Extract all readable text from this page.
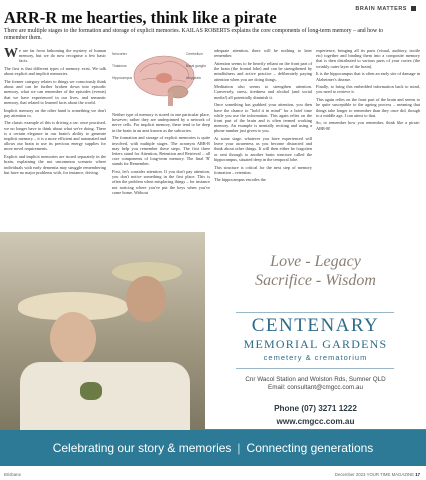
BRAIN MATTERS
ARR-R me hearties, think like a pirate
There are multiple stages to the formation and storage of explicit memories. KAILAS ROBERTS explains the core components of long-term memory – and how to remember them.

We are far from fathoming the mystery of human memory, but we do now recognise a few basic facts.

The first is that different types of memory exist. We talk about explicit and implicit memories.

The former category relates to things we consciously think about and can be further broken down into episodic memory, what we can remember of the episodes (events) that we have experienced in our lives, and semantic memory, that related to learned facts about the world.

Implicit memory on the other hand is something we don't pay attention to.

The classic example of this is driving a car: once practised, we no longer have to think about what we're doing. There is a certain elegance in our brain's ability to generate implicit memory – it is a more efficient and automated and allows our brain to use its precious energy supplies for more novel requirements.

Explicit and implicit memories are stored separately in the brain, explaining the not uncommon scenario where individuals with early dementia may struggle remembering but have no major problems with, for instance, driving.

Neocortex
Thalamus
Hippocampus
Cerebellum
Basal ganglia
Amygdala

Neither type of memory is stored in one particular place, however; rather they are underpinned by a network of nerve cells. For implicit memory, these tend to be deep in the brain in an area known as the subcortex.

The formation and storage of explicit memories is quite involved, with multiple stages. The acronym ARR-R may help you remember these steps. The first three letters stand for Attention, Retention and Retrieval – all core components of long-term memory. The final 'R' stands for Remember.

First, let's consider attention. If you don't pay attention, you don't notice something in the first place. This is often the problem when misplacing things – for instance not noticing where you've put the keys when you've come home. Without

adequate attention, there will be nothing to later remember.

Attention seems to be heavily reliant on the front part of the brain (the frontal lobe) and can be strengthened by mindfulness and active practice – deliberately paying attention when you are doing things.

Meditation also seems to strengthen attention. Conversely, stress, tiredness and alcohol (and social media!) all potentially diminish it.

Once something has grabbed your attention, you then have the chance to "hold it in mind" for a brief time while you use the information. This again relies on the front part of the brain and is often termed working memory. An example is mentally reciting and using a phone number just given to you.

At some stage, whatever you have experienced will leave your awareness as you become distracted and think about other things. It will then either be forgotten or sent through to another brain structure called the hippocampus, situated deep in the temporal lobe.

This structure is critical for the next step of memory formation – retention.

The hippocampus encodes the

experience, bringing all its parts (visual, auditory, tactile etc) together and binding them into a composite memory that is then distributed to various parts of your cortex (the wrinkly outer layer of the brain).

It is the hippocampus that is often an early site of damage in Alzheimer's disease.

Finally, to bring this embedded information back to mind, you need to retrieve it.

This again relies on the front part of the brain and seems to be quite susceptible to the ageing process – meaning that things take longer to remember than they once did, though to a middle age, I can attest to that.

So, to remember how you remember, think like a pirate: ARR-R!

Love - Legacy
Sacrifice - Wisdom
CENTENARY
MEMORIAL GARDENS
cemetery & crematorium
Cnr Wacol Station and Wolston Rds, Sumner QLD
Email: consultant@cmgcc.com.au
Phone (07) 3271 1222
www.cmgcc.com.au
Celebrating our story & memories | Connecting generations
Brisbane	December 2023 YOUR TIME MAGAZINE 17
